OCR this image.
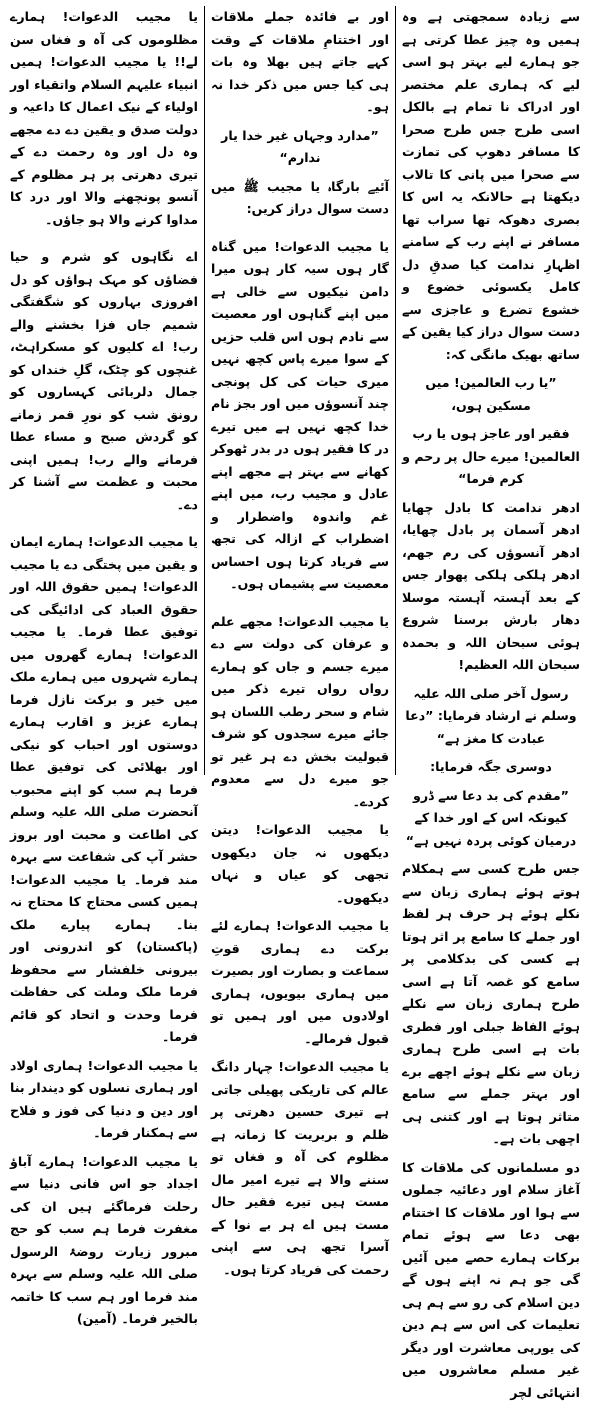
یا مجیب الدعوات! ہمارے مظلوموں کی آہ و فغاں سن لے!! یا مجیب الدعوات! ہمیں انبیاء علیہم السلام واتقیاء اور اولیاء کے نیک اعمال کا داعیہ و دولت صدق و یقین دے دے مجھے وہ دل اور وہ رحمت دے کے تیری دھرتی پر ہر مظلوم کے آنسو پونچھنے والا اور درد کا مداوا کرنے والا ہو جاؤں۔

اے نگاہوں کو شرم و حیا فضاؤں کو مہک ہواؤں کو دل افروزی بہاروں کو شگفتگی شمیم جاں فزا بخشنے والے رب! اے کلیوں کو مسکراہٹ، غنچوں کو چٹک، گلِ خنداں کو جمال دلربائی کہساروں کو رونق شب کو نورِ قمر زمانے کو گردش صبح و مساء عطا فرمانے والے رب! ہمیں اپنی محبت و عظمت سے آشنا کر دے۔

یا مجیب الدعوات! ہمارے ایمان و یقین میں پختگی دے یا مجیب الدعوات! ہمیں حقوق اللہ اور حقوق العباد کی ادائیگی کی توفیق عطا فرما۔ یا مجیب الدعوات! ہمارے گھروں میں ہمارے شہروں میں ہمارے ملک میں خیر و برکت نازل فرما ہمارے عزیز و اقارب ہمارے دوستوں اور احباب کو نیکی اور بھلائی کی توفیق عطا فرما ہم سب کو اپنے محبوب آنحضرت صلی اللہ علیہ وسلم کی اطاعت و محبت اور بروز حشر آپ کی شفاعت سے بہرہ مند فرما۔ یا مجیب الدعوات! ہمیں کسی محتاج کا محتاج نہ بنا۔ ہمارے پیارے ملک (پاکستان) کو اندرونی اور بیرونی خلفشار سے محفوظ فرما ملک وملت کی حفاظت فرما وحدت و اتحاد کو قائم فرما۔

یا مجیب الدعوات! ہماری اولاد اور ہماری نسلوں کو دیندار بنا اور دین و دنیا کی فوز و فلاح سے ہمکنار فرما۔

یا مجیب الدعوات! ہمارے آباؤ اجداد جو اس فانی دنیا سے رحلت فرماگئے ہیں ان کی مغفرت فرما ہم سب کو حج مبرور زیارت روضۂ الرسول صلی اللہ علیہ وسلم سے بہرہ مند فرما اور ہم سب کا خاتمہ بالخیر فرما۔ (آمین)

اور بے فائدہ جملے ملاقات اور اختتامِ ملاقات کے وقت کہے جاتے ہیں بھلا وہ بات ہی کیا جس میں ذکر خدا نہ ہو۔

”مدارد وجہاں غیر خدا یار ندارم“

آئیے بارگاہ یا مجیب ﷺ میں دست سوال دراز کریں:

یا مجیب الدعوات! میں گناہ گار ہوں سیہ کار ہوں میرا دامن نیکیوں سے خالی ہے میں اپنے گناہوں اور معصیت سے نادم ہوں اس قلب حزیں کے سوا میرے پاس کچھ نہیں میری حیات کی کل پونجی چند آنسوؤں میں اور بجز نام خدا کچھ نہیں ہے میں تیرے در کا فقیر ہوں در بدر ٹھوکر کھانے سے بہتر ہے مجھے اپنے عادل و مجیب رب، میں اپنے غم واندوہ واضطرار و اضطراب کے ازالہ کی تجھ سے فریاد کرتا ہوں احساس معصیت سے پشیماں ہوں۔

یا مجیب الدعوات! مجھے علم و عرفان کی دولت سے دے میرے جسم و جاں کو ہمارے رواں رواں تیرے ذکر میں شام و سحر رطب اللسان ہو جائے میرے سجدوں کو شرف قبولیت بخش دے ہر غیر تو جو میرے دل سے معدوم کردے۔

یا مجیب الدعوات! دیتن دیکھوں نہ جان دیکھوں تجھی کو عیاں و نہاں دیکھوں۔

یا مجیب الدعوات! ہمارے لئے برکت دے ہماری قوتِ سماعت و بصارت اور بصیرت میں ہماری بیویوں، ہماری اولادوں میں اور ہمیں تو قبول فرمالے۔

یا مجیب الدعوات! چہار دانگ عالم کی تاریکی پھیلی جاتی ہے تیری حسین دھرتی پر ظلم و بربریت کا زمانہ ہے مظلوم کی آہ و فغاں تو سننے والا ہے تیرے امیر مال مست ہیں تیرے فقیر حال مست ہیں اے ہر بے نوا کے آسرا تجھ ہی سے اپنی رحمت کی فریاد کرتا ہوں۔

سے زیادہ سمجھتی ہے وہ ہمیں وہ چیز عطا کرتی ہے جو ہمارے لیے بہتر ہو اسی لیے کہ ہماری علم مختصر اور ادراک نا تمام ہے بالکل اسی طرح جس طرح صحرا کا مسافر دھوپ کی تمازت سے صحرا میں پانی کا تالاب دیکھتا ہے حالانکہ یہ اس کا بصری دھوکہ تھا سراب تھا مسافر نے اپنے رب کے سامنے اظہارِ ندامت کیا صدقِ دل کامل یکسوئی خضوع و خشوع تضرع و عاجزی سے دست سوال دراز کیا یقین کے ساتھ بھیک مانگی کہ:

”یا رب العالمین! میں مسکین ہوں،

فقیر اور عاجز ہوں یا رب العالمین! میرے حال پر رحم و کرم فرما“

ادھر ندامت کا بادل چھایا ادھر آسمان پر بادل چھایا، ادھر آنسوؤں کی رم جھم، ادھر ہلکی ہلکی پھوار جس کے بعد آہستہ آہستہ موسلا دھار بارش برسنا شروع ہوئی سبحان اللہ و بحمدہ سبحان اللہ العظیم!

رسول آخر صلی اللہ علیہ وسلم نے ارشاد فرمایا: ”دعا عبادت کا مغز ہے“

دوسری جگہ فرمایا:

”مقدم کی بد دعا سے ڈرو کیونکہ اس کے اور خدا کے درمیان کوئی پردہ نہیں ہے“

جس طرح کسی سے ہمکلام ہوتے ہوئے ہماری زبان سے نکلے ہوئے ہر حرف ہر لفظ اور جملے کا سامع پر اثر ہوتا ہے کسی کی بدکلامی پر سامع کو غصہ آتا ہے اسی طرح ہماری زبان سے نکلے ہوئے الفاظ جبلی اور فطری بات ہے اسی طرح ہماری زبان سے نکلے ہوئے اچھے برے اور بہتر جملے سے سامع متاثر ہوتا ہے اور کتنی ہی اچھی بات ہے۔

دو مسلمانوں کی ملاقات کا آغاز سلام اور دعائیہ جملوں سے ہوا اور ملاقات کا اختتام بھی دعا سے ہوئے تمام برکات ہمارے حصے میں آئیں گی جو ہم نہ اپنے ہوں گے دین اسلام کی رو سے ہم ہی تعلیمات کی اس سے ہم دین کی یورپی معاشرت اور دیگر غیر مسلم معاشروں میں انتہائی لچر
